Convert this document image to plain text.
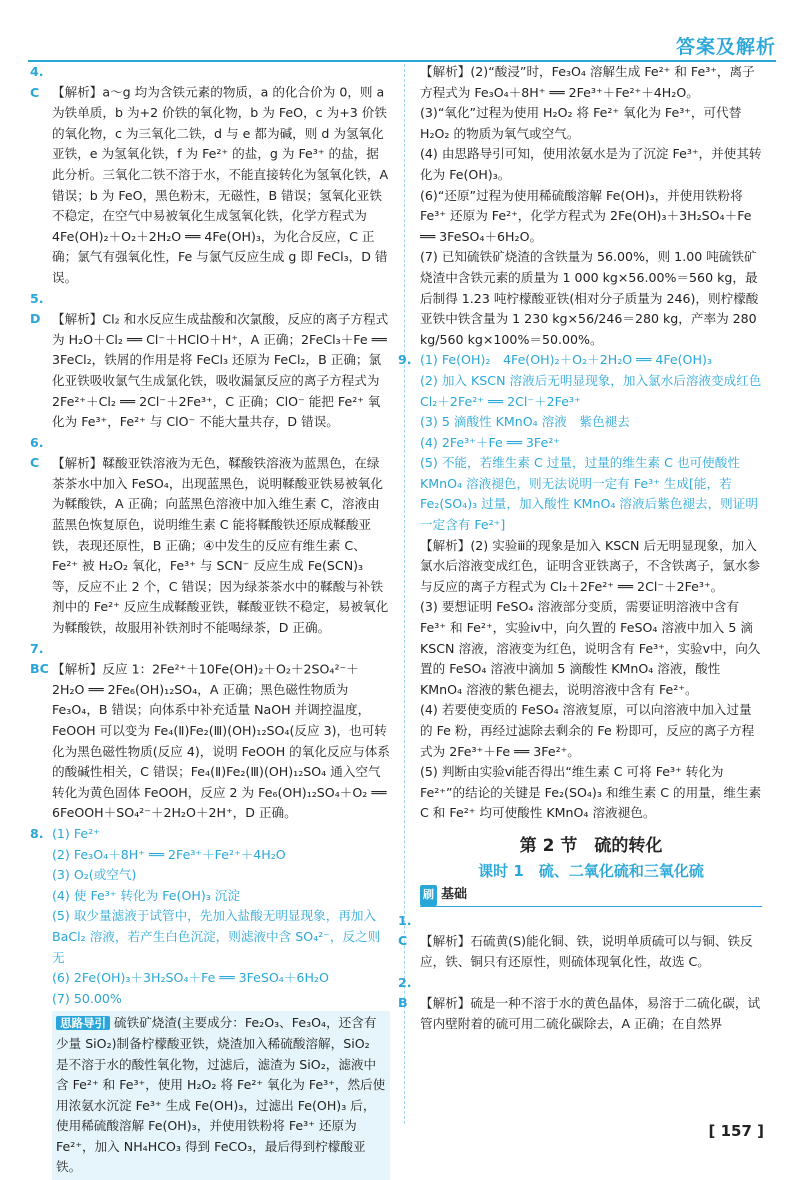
答案及解析

4. C 【解析】a～g 均为含铁元素的物质，a 的化合价为 0，则 a 为铁单质，b 为+2 价铁的氧化物，b 为 FeO，c 为+3 价铁的氧化物，c 为三氧化二铁，d 与 e 都为碱，则 d 为氢氧化亚铁，e 为氢氧化铁，f 为 Fe²⁺ 的盐，g 为 Fe³⁺ 的盐，据此分析。三氧化二铁不溶于水，不能直接转化为氢氧化铁，A 错误；b 为 FeO，黑色粉末，无磁性，B 错误；氢氧化亚铁不稳定，在空气中易被氧化生成氢氧化铁，化学方程式为 4Fe(OH)₂＋O₂＋2H₂O ══ 4Fe(OH)₃，为化合反应，C 正确；氯气有强氧化性，Fe 与氯气反应生成 g 即 FeCl₃，D 错误。

5. D 【解析】Cl₂ 和水反应生成盐酸和次氯酸，反应的离子方程式为 H₂O＋Cl₂ ══ Cl⁻＋HClO＋H⁺，A 正确；2FeCl₃＋Fe ══ 3FeCl₂，铁屑的作用是将 FeCl₃ 还原为 FeCl₂，B 正确；氯化亚铁吸收氯气生成氯化铁，吸收漏氯反应的离子方程式为 2Fe²⁺＋Cl₂ ══ 2Cl⁻＋2Fe³⁺，C 正确；ClO⁻ 能把 Fe²⁺ 氧化为 Fe³⁺，Fe²⁺ 与 ClO⁻ 不能大量共存，D 错误。

6. C 【解析】鞣酸亚铁溶液为无色，鞣酸铁溶液为蓝黑色，在绿茶茶水中加入 FeSO₄，出现蓝黑色，说明鞣酸亚铁易被氧化为鞣酸铁，A 正确；向蓝黑色溶液中加入维生素 C，溶液由蓝黑色恢复原色，说明维生素 C 能将鞣酸铁还原成鞣酸亚铁，表现还原性，B 正确；④中发生的反应有维生素 C、Fe²⁺ 被 H₂O₂ 氧化，Fe³⁺ 与 SCN⁻ 反应生成 Fe(SCN)₃ 等，反应不止 2 个，C 错误；因为绿茶茶水中的鞣酸与补铁剂中的 Fe²⁺ 反应生成鞣酸亚铁，鞣酸亚铁不稳定，易被氧化为鞣酸铁，故服用补铁剂时不能喝绿茶，D 正确。

7. BC 【解析】反应 1：2Fe²⁺＋10Fe(OH)₂＋O₂＋2SO₄²⁻＋2H₂O ══ 2Fe₆(OH)₁₂SO₄，A 正确；黑色磁性物质为 Fe₃O₄，B 错误；向体系中补充适量 NaOH 并调控温度，FeOOH 可以变为 Fe₄(Ⅱ)Fe₂(Ⅲ)(OH)₁₂SO₄(反应 3)，也可转化为黑色磁性物质(反应 4)，说明 FeOOH 的氧化反应与体系的酸碱性相关，C 错误；Fe₄(Ⅱ)Fe₂(Ⅲ)(OH)₁₂SO₄ 通入空气转化为黄色固体 FeOOH，反应 2 为 Fe₆(OH)₁₂SO₄＋O₂ ══ 6FeOOH＋SO₄²⁻＋2H₂O＋2H⁺，D 正确。

8. (1) Fe²⁺

(2) Fe₃O₄＋8H⁺ ══ 2Fe³⁺＋Fe²⁺＋4H₂O

(3) O₂(或空气)

(4) 使 Fe³⁺ 转化为 Fe(OH)₃ 沉淀

(5) 取少量滤液于试管中，先加入盐酸无明显现象，再加入 BaCl₂ 溶液，若产生白色沉淀，则滤液中含 SO₄²⁻，反之则无

(6) 2Fe(OH)₃＋3H₂SO₄＋Fe ══ 3FeSO₄＋6H₂O

(7) 50.00%

思路导引 硫铁矿烧渣(主要成分：Fe₂O₃、Fe₃O₄，还含有少量 SiO₂)制备柠檬酸亚铁，烧渣加入稀硫酸溶解，SiO₂ 是不溶于水的酸性氧化物，过滤后，滤渣为 SiO₂，滤液中含 Fe²⁺ 和 Fe³⁺，使用 H₂O₂ 将 Fe²⁺ 氧化为 Fe³⁺，然后使用浓氨水沉淀 Fe³⁺ 生成 Fe(OH)₃，过滤出 Fe(OH)₃ 后，使用稀硫酸溶解 Fe(OH)₃，并使用铁粉将 Fe³⁺ 还原为 Fe²⁺，加入 NH₄HCO₃ 得到 FeCO₃，最后得到柠檬酸亚铁。

【解析】(2)“酸浸”时，Fe₃O₄ 溶解生成 Fe²⁺ 和 Fe³⁺，离子方程式为 Fe₃O₄＋8H⁺ ══ 2Fe³⁺＋Fe²⁺＋4H₂O。

(3)“氧化”过程为使用 H₂O₂ 将 Fe²⁺ 氧化为 Fe³⁺，可代替 H₂O₂ 的物质为氧气或空气。

(4) 由思路导引可知，使用浓氨水是为了沉淀 Fe³⁺，并使其转化为 Fe(OH)₃。

(6)“还原”过程为使用稀硫酸溶解 Fe(OH)₃，并使用铁粉将 Fe³⁺ 还原为 Fe²⁺，化学方程式为 2Fe(OH)₃＋3H₂SO₄＋Fe ══ 3FeSO₄＋6H₂O。

(7) 已知硫铁矿烧渣的含铁量为 56.00%，则 1.00 吨硫铁矿烧渣中含铁元素的质量为 1 000 kg×56.00%＝560 kg，最后制得 1.23 吨柠檬酸亚铁(相对分子质量为 246)，则柠檬酸亚铁中铁含量为 1 230 kg×56/246＝280 kg，产率为 280 kg/560 kg×100%＝50.00%。

9. (1) Fe(OH)₂　4Fe(OH)₂＋O₂＋2H₂O ══ 4Fe(OH)₃

(2) 加入 KSCN 溶液后无明显现象，加入氯水后溶液变成红色　Cl₂＋2Fe²⁺ ══ 2Cl⁻＋2Fe³⁺

(3) 5 滴酸性 KMnO₄ 溶液　紫色褪去

(4) 2Fe³⁺＋Fe ══ 3Fe²⁺

(5) 不能，若维生素 C 过量，过量的维生素 C 也可使酸性 KMnO₄ 溶液褪色，则无法说明一定有 Fe³⁺ 生成[能，若 Fe₂(SO₄)₃ 过量，加入酸性 KMnO₄ 溶液后紫色褪去，则证明一定含有 Fe²⁺]

【解析】(2) 实验ⅲ的现象是加入 KSCN 后无明显现象，加入氯水后溶液变成红色，证明含亚铁离子，不含铁离子，氯水参与反应的离子方程式为 Cl₂＋2Fe²⁺ ══ 2Cl⁻＋2Fe³⁺。

(3) 要想证明 FeSO₄ 溶液部分变质，需要证明溶液中含有 Fe³⁺ 和 Fe²⁺，实验ⅳ中，向久置的 FeSO₄ 溶液中加入 5 滴 KSCN 溶液，溶液变为红色，说明含有 Fe³⁺，实验ⅴ中，向久置的 FeSO₄ 溶液中滴加 5 滴酸性 KMnO₄ 溶液，酸性 KMnO₄ 溶液的紫色褪去，说明溶液中含有 Fe²⁺。

(4) 若要使变质的 FeSO₄ 溶液复原，可以向溶液中加入过量的 Fe 粉，再经过滤除去剩余的 Fe 粉即可，反应的离子方程式为 2Fe³⁺＋Fe ══ 3Fe²⁺。

(5) 判断由实验ⅵ能否得出“维生素 C 可将 Fe³⁺ 转化为 Fe²⁺”的结论的关键是 Fe₂(SO₄)₃ 和维生素 C 的用量，维生素 C 和 Fe²⁺ 均可使酸性 KMnO₄ 溶液褪色。

第 2 节　硫的转化
课时 1　硫、二氧化硫和三氧化硫
刷 基础

1. C 【解析】石硫黄(S)能化铜、铁，说明单质硫可以与铜、铁反应，铁、铜只有还原性，则硫体现氧化性，故选 C。

2. B 【解析】硫是一种不溶于水的黄色晶体，易溶于二硫化碳，试管内壁附着的硫可用二硫化碳除去，A 正确；在自然界

[ 157 ]
